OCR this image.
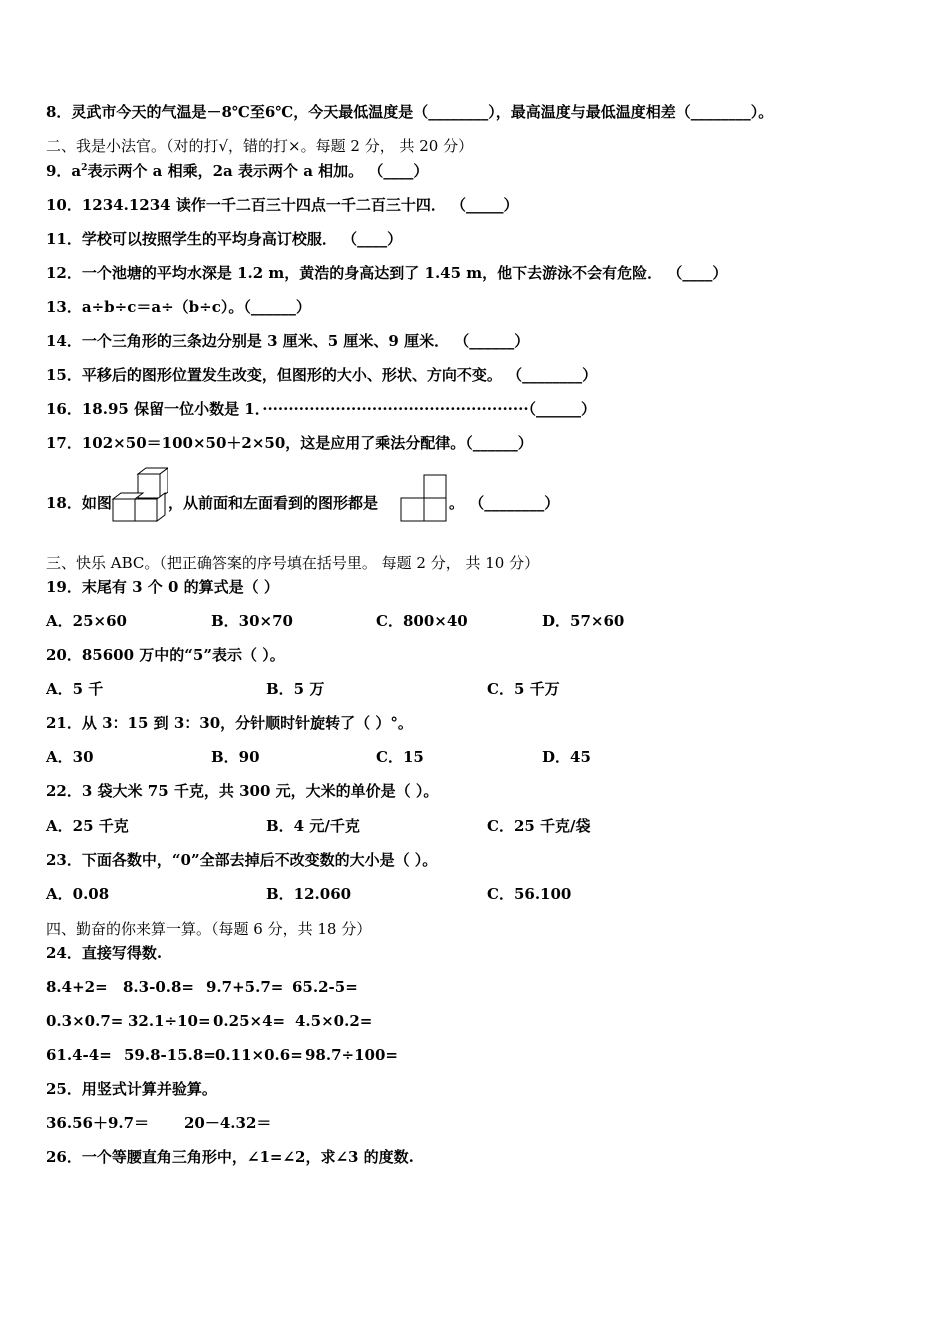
8．灵武市今天的气温是－8℃至6℃，今天最低温度是（________），最高温度与最低温度相差（________）。
二、我是小法官。（对的打√，错的打×。每题 2 分， 共 20 分）
9．$a^2$表示两个 a 相乘，2a 表示两个 a 相加。 （____）
10．1234.1234 读作一千二百三十四点一千二百三十四． （_____）
11．学校可以按照学生的平均身高订校服． （____）
12．一个池塘的平均水深是 1.2 m，黄浩的身高达到了 1.45 m，他下去游泳不会有危险． （____）
13．a÷b÷c＝a÷（b÷c）。（______）
14．一个三角形的三条边分别是 3 厘米、5 厘米、9 厘米． （______）
15．平移后的图形位置发生改变，但图形的大小、形状、方向不变。 （________）
16．18.95 保留一位小数是 1．···················································（______）
17．102×50＝100×50＋2×50，这是应用了乘法分配律。（______）
18．如图	，从前面和左面看到的图形都是	。 （________）
三、快乐 ABC。（把正确答案的序号填在括号里。 每题 2 分， 共 10 分）
19．末尾有 3 个 0 的算式是（ ）
A．25×60	B．30×70	C．800×40	D．57×60
20．85600 万中的“5”表示（ ）。
A．5 千	B．5 万	C．5 千万
21．从 3：15 到 3：30，分针顺时针旋转了（ ）°。
A．30	B．90	C．15	D．45
22．3 袋大米 75 千克，共 300 元，大米的单价是（ ）。
A．25 千克	B．4 元/千克	C．25 千克/袋
23．下面各数中，“0”全部去掉后不改变数的大小是（ ）。
A．0.08	B．12.060	C．56.100
四、勤奋的你来算一算。（每题 6 分，共 18 分）
24．直接写得数.
8.4+2= 8.3-0.8= 9.7+5.7= 65.2-5=
0.3×0.7= 32.1÷10= 0.25×4= 4.5×0.2=
61.4-4= 59.8-15.8= 0.11×0.6= 98.7÷100=
25．用竖式计算并验算。
36.56＋9.7＝ 20－4.32＝
26．一个等腰直角三角形中，∠1=∠2，求∠3 的度数.
